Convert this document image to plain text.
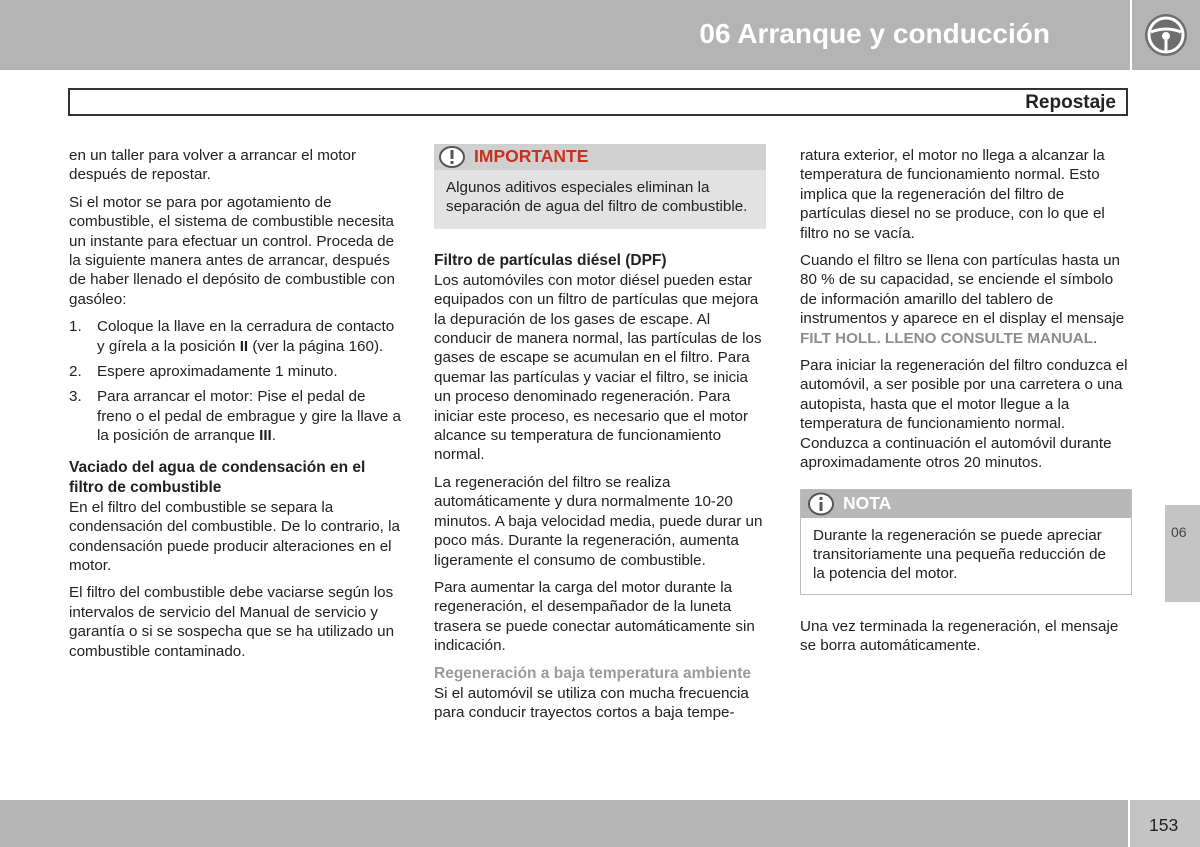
06 Arranque y conducción
Repostaje

en un taller para volver a arrancar el motor después de repostar.

Si el motor se para por agotamiento de combustible, el sistema de combustible necesita un instante para efectuar un control. Proceda de la siguiente manera antes de arrancar, después de haber llenado el depósito de combustible con gasóleo:

1. Coloque la llave en la cerradura de contacto y gírela a la posición II (ver la página 160).
2. Espere aproximadamente 1 minuto.
3. Para arrancar el motor: Pise el pedal de freno o el pedal de embrague y gire la llave a la posición de arranque III.
Vaciado del agua de condensación en el filtro de combustible

En el filtro del combustible se separa la condensación del combustible. De lo contrario, la condensación puede producir alteraciones en el motor.

El filtro del combustible debe vaciarse según los intervalos de servicio del Manual de servicio y garantía o si se sospecha que se ha utilizado un combustible contaminado.

IMPORTANTE
Algunos aditivos especiales eliminan la separación de agua del filtro de combustible.
Filtro de partículas diésel (DPF)

Los automóviles con motor diésel pueden estar equipados con un filtro de partículas que mejora la depuración de los gases de escape. Al conducir de manera normal, las partículas de los gases de escape se acumulan en el filtro. Para quemar las partículas y vaciar el filtro, se inicia un proceso denominado regeneración. Para iniciar este proceso, es necesario que el motor alcance su temperatura de funcionamiento normal.

La regeneración del filtro se realiza automáticamente y dura normalmente 10-20 minutos. A baja velocidad media, puede durar un poco más. Durante la regeneración, aumenta ligeramente el consumo de combustible.

Para aumentar la carga del motor durante la regeneración, el desempañador de la luneta trasera se puede conectar automáticamente sin indicación.

Regeneración a baja temperatura ambiente

Si el automóvil se utiliza con mucha frecuencia para conducir trayectos cortos a baja tempe-

ratura exterior, el motor no llega a alcanzar la temperatura de funcionamiento normal. Esto implica que la regeneración del filtro de partículas diesel no se produce, con lo que el filtro no se vacía.

Cuando el filtro se llena con partículas hasta un 80 % de su capacidad, se enciende el símbolo de información amarillo del tablero de instrumentos y aparece en el display el mensaje FILT HOLL. LLENO CONSULTE MANUAL.

Para iniciar la regeneración del filtro conduzca el automóvil, a ser posible por una carretera o una autopista, hasta que el motor llegue a la temperatura de funcionamiento normal. Conduzca a continuación el automóvil durante aproximadamente otros 20 minutos.

NOTA
Durante la regeneración se puede apreciar transitoriamente una pequeña reducción de la potencia del motor.

Una vez terminada la regeneración, el mensaje se borra automáticamente.

06
153
